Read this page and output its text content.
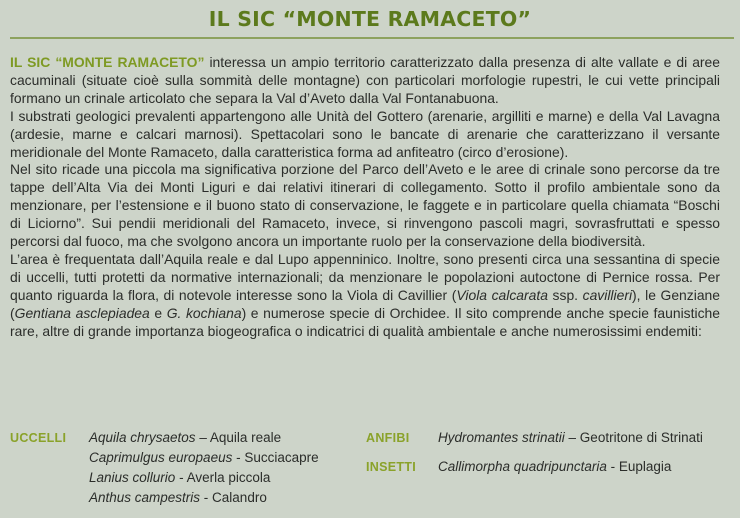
IL SIC “MONTE RAMACETO”

IL SIC “MONTE RAMACETO” interessa un ampio territorio caratterizzato dalla presenza di alte vallate e di aree cacuminali (situate cioè sulla sommità delle montagne) con particolari morfologie rupestri, le cui vette principali formano un crinale articolato che separa la Val d’Aveto dalla Val Fontanabuona.

I substrati geologici prevalenti appartengono alle Unità del Gottero (arenarie, argilliti e marne) e della Val Lavagna (ardesie, marne e calcari marnosi). Spettacolari sono le bancate di arenarie che caratterizzano il versante meridionale del Monte Ramaceto, dalla caratteristica forma ad anfiteatro (circo d’erosione).

Nel sito ricade una piccola ma significativa porzione del Parco dell’Aveto e le aree di crinale sono percorse da tre tappe dell’Alta Via dei Monti Liguri e dai relativi itinerari di collegamento. Sotto il profilo ambientale sono da menzionare, per l’estensione e il buono stato di conservazione, le faggete e in particolare quella chiamata “Boschi di Liciorno”. Sui pendii meridionali del Ramaceto, invece, si rinvengono pascoli magri, sovrasfruttati e spesso percorsi dal fuoco, ma che svolgono ancora un importante ruolo per la conservazione della biodiversità.

L’area è frequentata dall’Aquila reale e dal Lupo appenninico. Inoltre, sono presenti circa una sessantina di specie di uccelli, tutti protetti da normative internazionali; da menzionare le popolazioni autoctone di Pernice rossa. Per quanto riguarda la flora, di notevole interesse sono la Viola di Cavillier (Viola calcarata ssp. cavillieri), le Genziane (Gentiana asclepiadea e G. kochiana) e numerose specie di Orchidee. Il sito comprende anche specie faunistiche rare, altre di grande importanza biogeografica o indicatrici di qualità ambientale e anche numerosissimi endemiti:

UCCELLI Aquila chrysaetos – Aquila reale
Caprimulgus europaeus - Succiacapre
Lanius collurio - Averla piccola
Anthus campestris - Calandro
ANFIBI Hydromantes strinatii – Geotritone di Strinati
INSETTI Callimorpha quadripunctaria - Euplagia
